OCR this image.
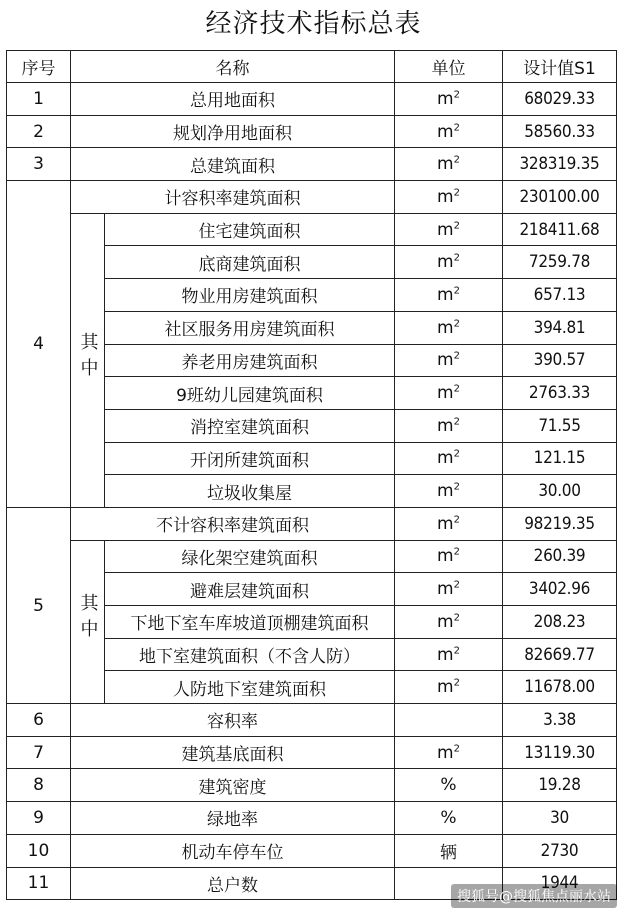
经济技术指标总表
序号	名称		单位	设计值S1
1	总用地面积		$m^2$	68029.33
2	规划净用地面积		$m^2$	58560.33
3	总建筑面积		$m^2$	328319.35
4	计容积率建筑面积		$m^2$	230100.00
	其中	住宅建筑面积	$m^2$	218411.68
		底商建筑面积	$m^2$	7259.78
		物业用房建筑面积	$m^2$	657.13
		社区服务用房建筑面积	$m^2$	394.81
		养老用房建筑面积	$m^2$	390.57
		9班幼儿园建筑面积	$m^2$	2763.33
		消控室建筑面积	$m^2$	71.55
		开闭所建筑面积	$m^2$	121.15
		垃圾收集屋	$m^2$	30.00
5	不计容积率建筑面积		$m^2$	98219.35
	其中	绿化架空建筑面积	$m^2$	260.39
		避难层建筑面积	$m^2$	3402.96
		下地下室车库坡道顶棚建筑面积	$m^2$	208.23
		地下室建筑面积（不含人防）	$m^2$	82669.77
		人防地下室建筑面积	$m^2$	11678.00
6	容积率			3.38
7	建筑基底面积		$m^2$	13119.30
8	建筑密度		%	19.28
9	绿地率		%	30
10	机动车停车位		辆	2730
11	总户数			1944
搜狐号@搜狐焦点丽水站
